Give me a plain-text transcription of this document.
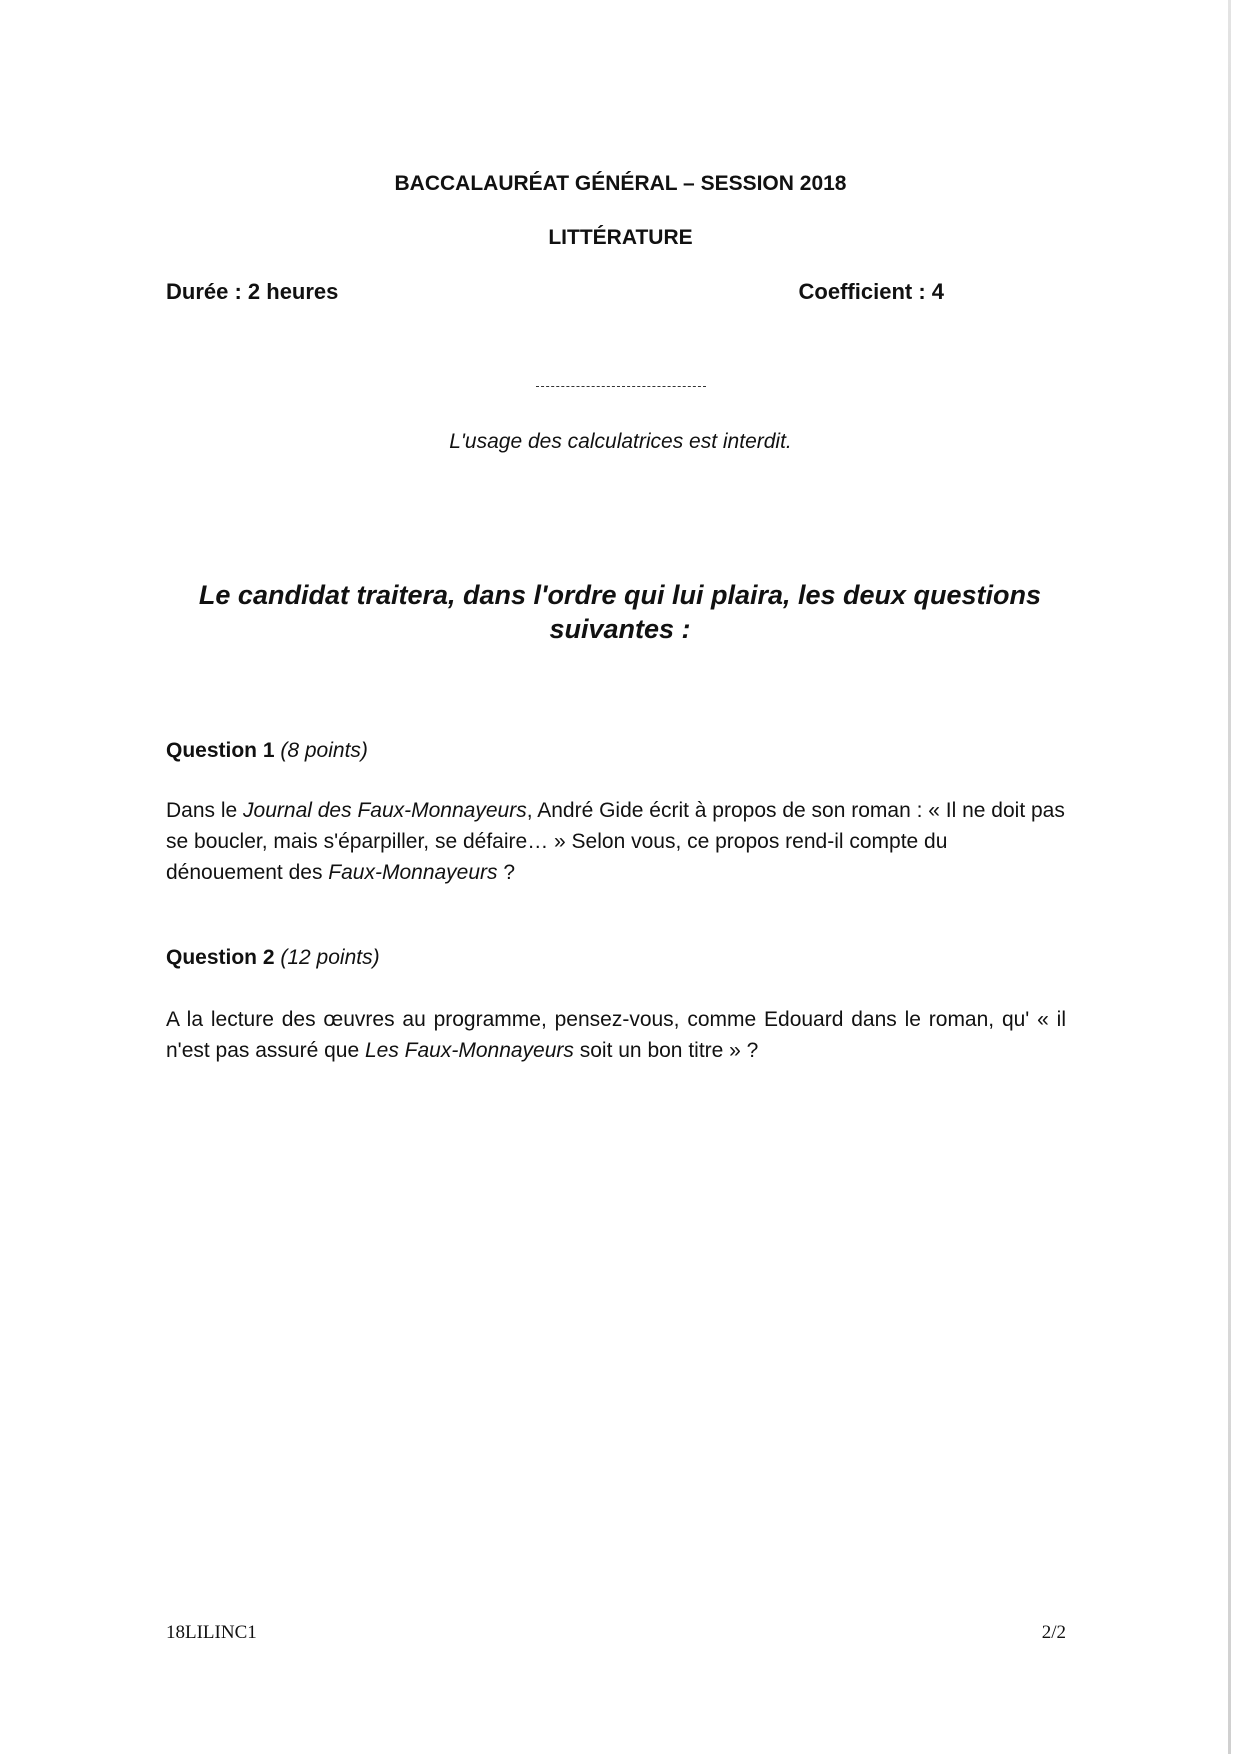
BACCALAURÉAT GÉNÉRAL – SESSION 2018
LITTÉRATURE
Durée : 2 heures	Coefficient : 4
L'usage des calculatrices est interdit.
Le candidat traitera, dans l'ordre qui lui plaira, les deux questions
suivantes :
Question 1 (8 points)
Dans le Journal des Faux-Monnayeurs, André Gide écrit à propos de son roman : « Il ne doit pas se boucler, mais s'éparpiller, se défaire… » Selon vous, ce propos rend-il compte du dénouement des Faux-Monnayeurs ?
Question 2 (12 points)
A la lecture des œuvres au programme, pensez-vous, comme Edouard dans le roman, qu' « il n'est pas assuré que Les Faux-Monnayeurs soit un bon titre » ?
18LILINC1	2/2
